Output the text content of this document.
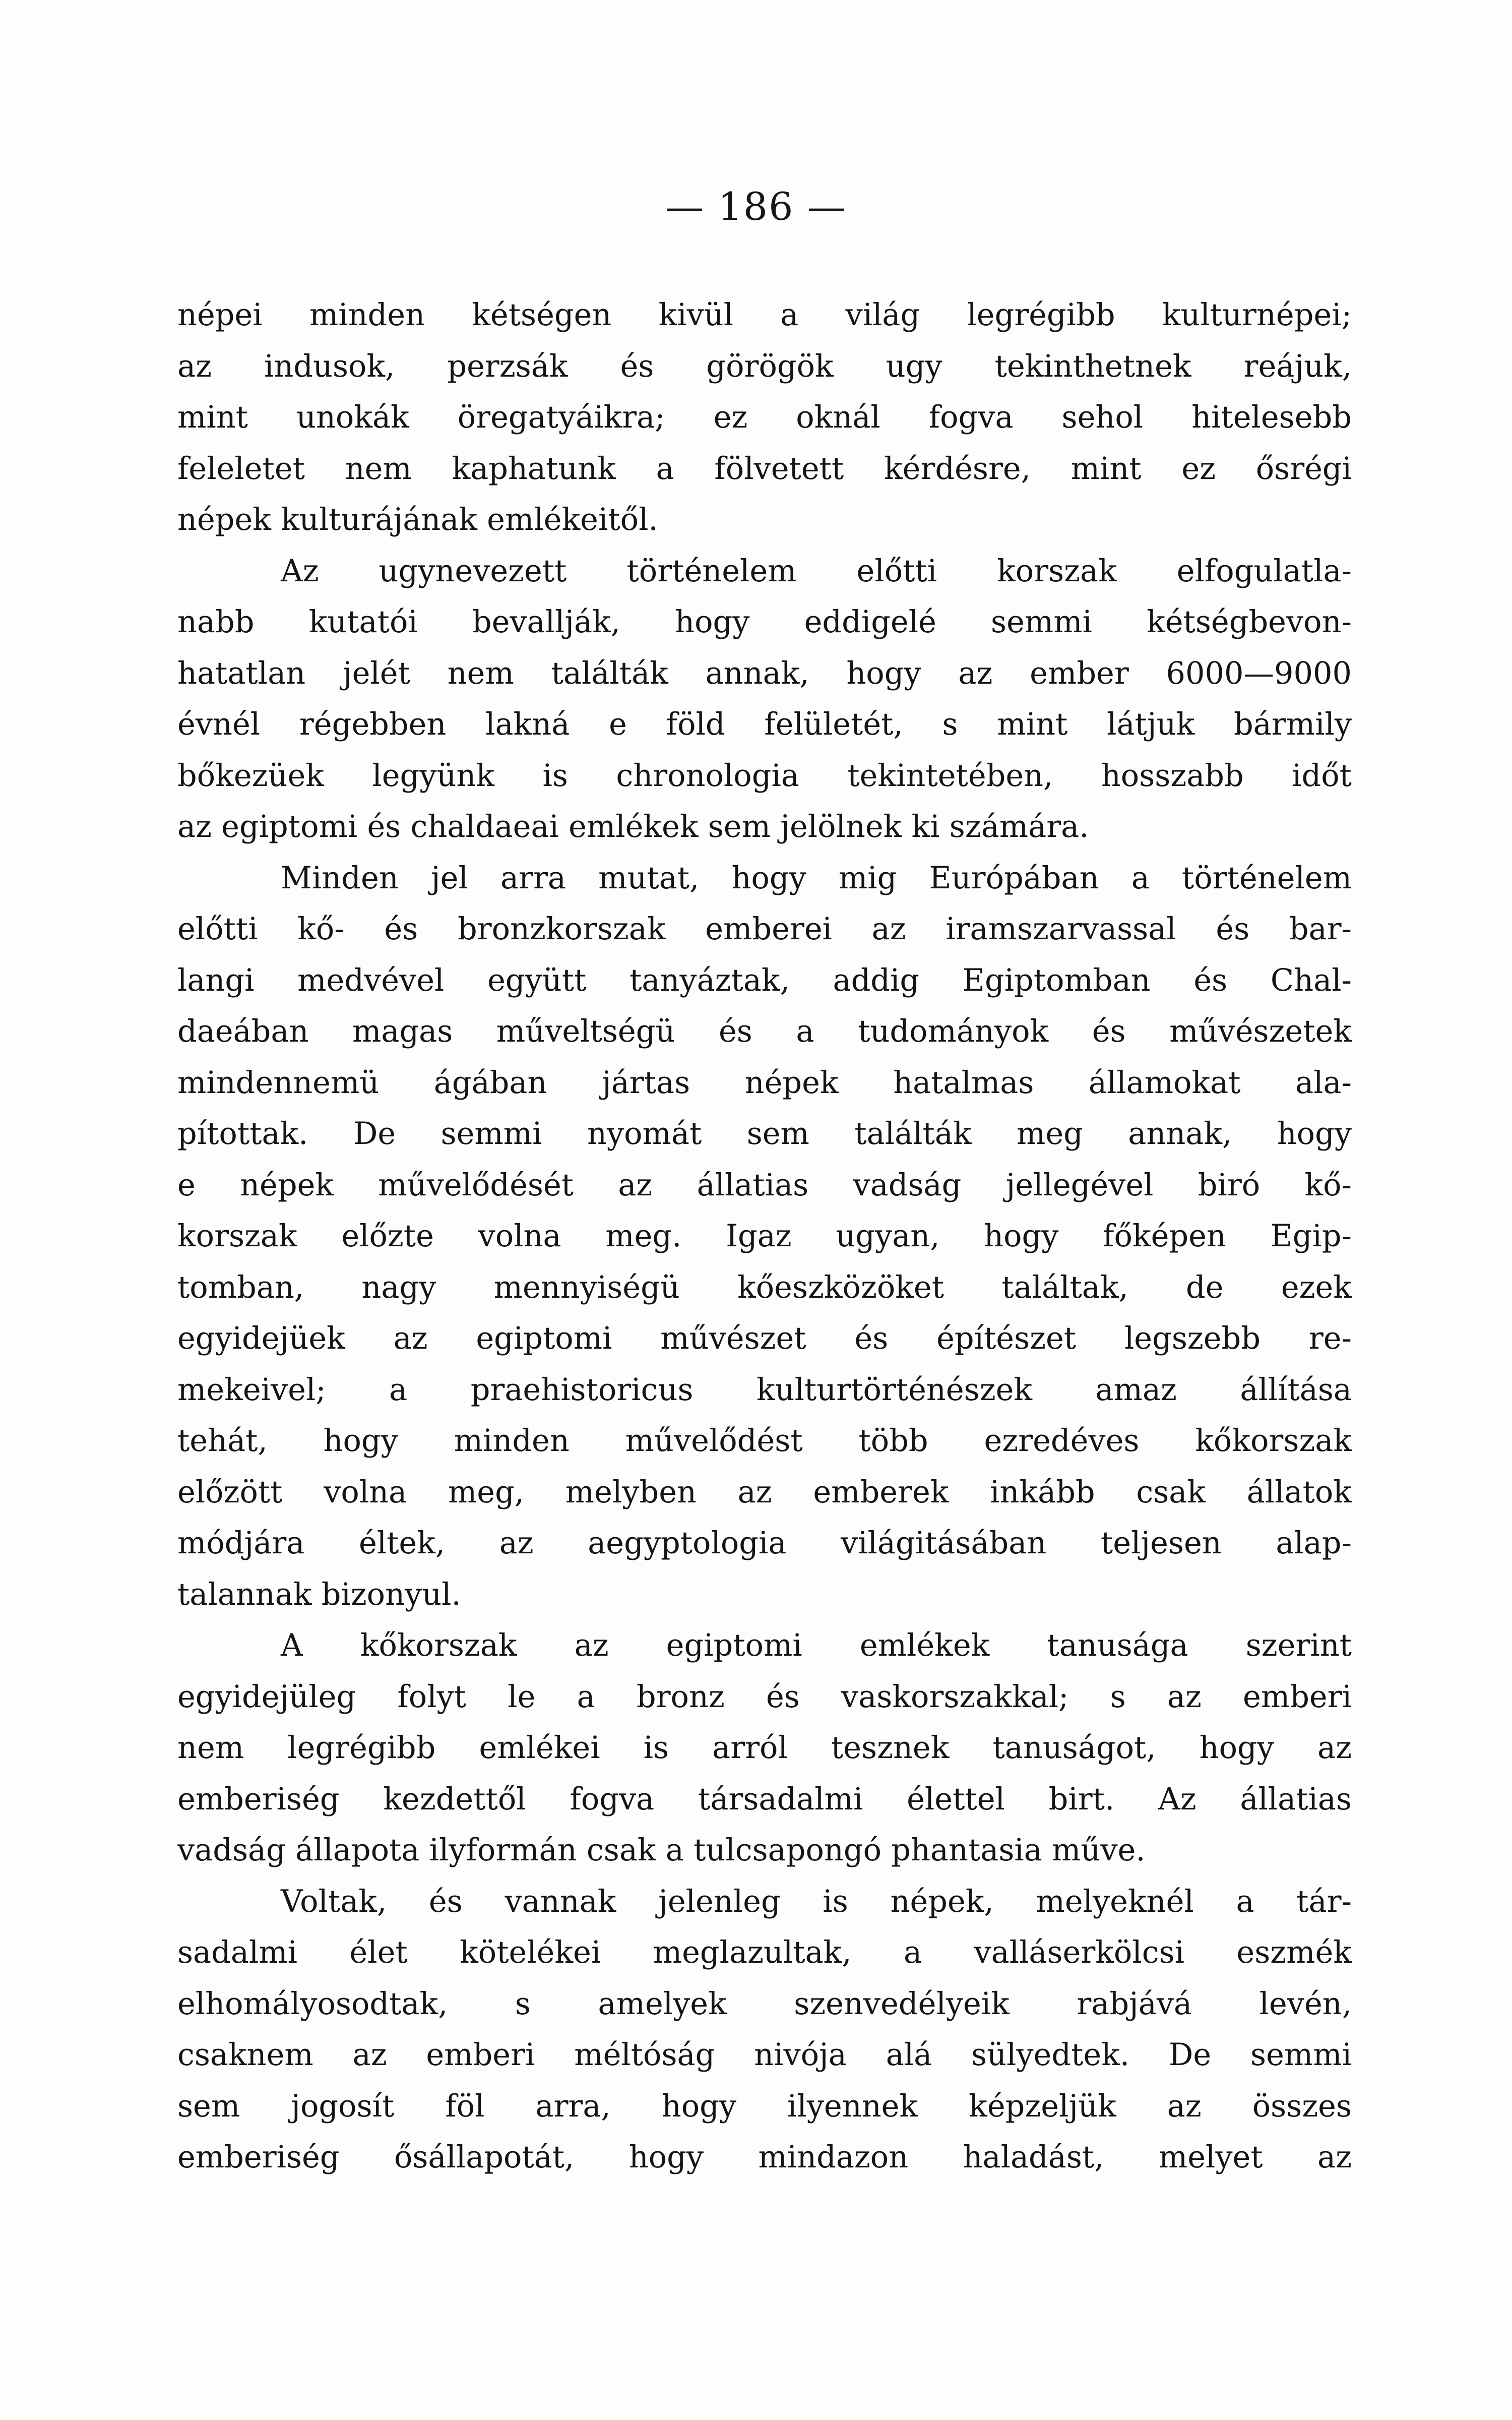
— 186 —
népei minden kétségen kivül a világ legrégibb kulturnépei;
az indusok, perzsák és görögök ugy tekinthetnek reájuk,
mint unokák öregatyáikra; ez oknál fogva sehol hitelesebb
feleletet nem kaphatunk a fölvetett kérdésre, mint ez ősrégi
népek kulturájának emlékeitől.
Az ugynevezett történelem előtti korszak elfogulatla-
nabb kutatói bevallják, hogy eddigelé semmi kétségbevon-
hatatlan jelét nem találták annak, hogy az ember 6000—9000
évnél régebben lakná e föld felületét, s mint látjuk bármily
bőkezüek legyünk is chronologia tekintetében, hosszabb időt
az egiptomi és chaldaeai emlékek sem jelölnek ki számára.
Minden jel arra mutat, hogy mig Európában a történelem
előtti kő- és bronzkorszak emberei az iramszarvassal és bar-
langi medvével együtt tanyáztak, addig Egiptomban és Chal-
daeában magas műveltségü és a tudományok és művészetek
mindennemü ágában jártas népek hatalmas államokat ala-
pítottak. De semmi nyomát sem találták meg annak, hogy
e népek művelődését az állatias vadság jellegével biró kő-
korszak előzte volna meg. Igaz ugyan, hogy főképen Egip-
tomban, nagy mennyiségü kőeszközöket találtak, de ezek
egyidejüek az egiptomi művészet és építészet legszebb re-
mekeivel; a praehistoricus kulturtörténészek amaz állítása
tehát, hogy minden művelődést több ezredéves kőkorszak
előzött volna meg, melyben az emberek inkább csak állatok
módjára éltek, az aegyptologia világitásában teljesen alap-
talannak bizonyul.
A kőkorszak az egiptomi emlékek tanusága szerint
egyidejüleg folyt le a bronz és vaskorszakkal; s az emberi
nem legrégibb emlékei is arról tesznek tanuságot, hogy az
emberiség kezdettől fogva társadalmi élettel birt. Az állatias
vadság állapota ilyformán csak a tulcsapongó phantasia műve.
Voltak, és vannak jelenleg is népek, melyeknél a tár-
sadalmi élet kötelékei meglazultak, a valláserkölcsi eszmék
elhomályosodtak, s amelyek szenvedélyeik rabjává levén,
csaknem az emberi méltóság nivója alá sülyedtek. De semmi
sem jogosít föl arra, hogy ilyennek képzeljük az összes
emberiség ősállapotát, hogy mindazon haladást, melyet az
